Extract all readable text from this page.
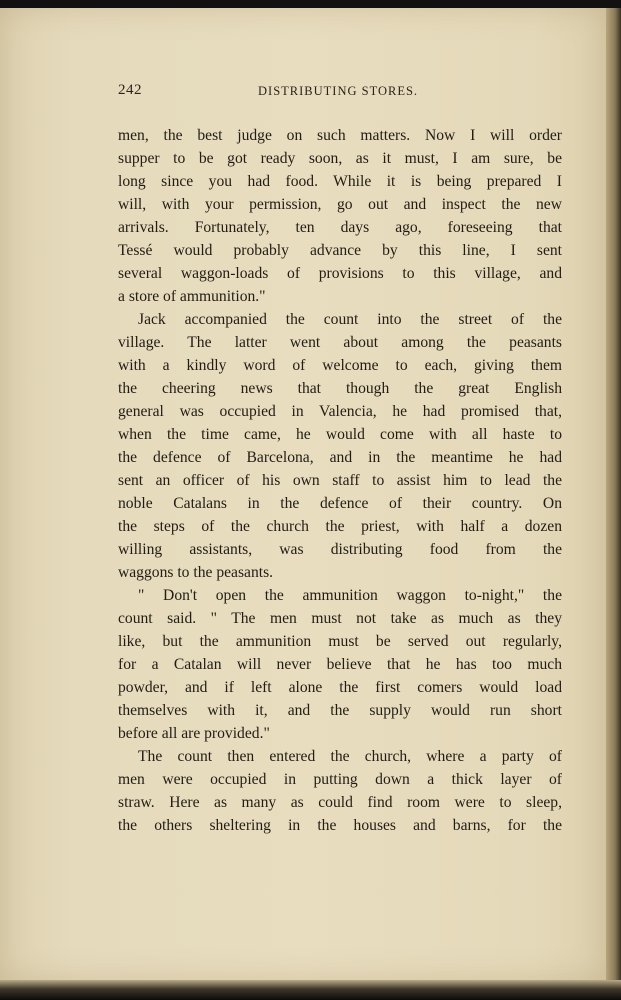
242	DISTRIBUTING STORES.
men, the best judge on such matters. Now I will order
supper to be got ready soon, as it must, I am sure, be
long since you had food. While it is being prepared I
will, with your permission, go out and inspect the new
arrivals. Fortunately, ten days ago, foreseeing that
Tessé would probably advance by this line, I sent
several waggon-loads of provisions to this village, and
a store of ammunition."
Jack accompanied the count into the street of the
village. The latter went about among the peasants
with a kindly word of welcome to each, giving them
the cheering news that though the great English
general was occupied in Valencia, he had promised that,
when the time came, he would come with all haste to
the defence of Barcelona, and in the meantime he had
sent an officer of his own staff to assist him to lead the
noble Catalans in the defence of their country. On
the steps of the church the priest, with half a dozen
willing assistants, was distributing food from the
waggons to the peasants.
" Don't open the ammunition waggon to-night," the
count said. " The men must not take as much as they
like, but the ammunition must be served out regularly,
for a Catalan will never believe that he has too much
powder, and if left alone the first comers would load
themselves with it, and the supply would run short
before all are provided."
The count then entered the church, where a party of
men were occupied in putting down a thick layer of
straw. Here as many as could find room were to sleep,
the others sheltering in the houses and barns, for the
